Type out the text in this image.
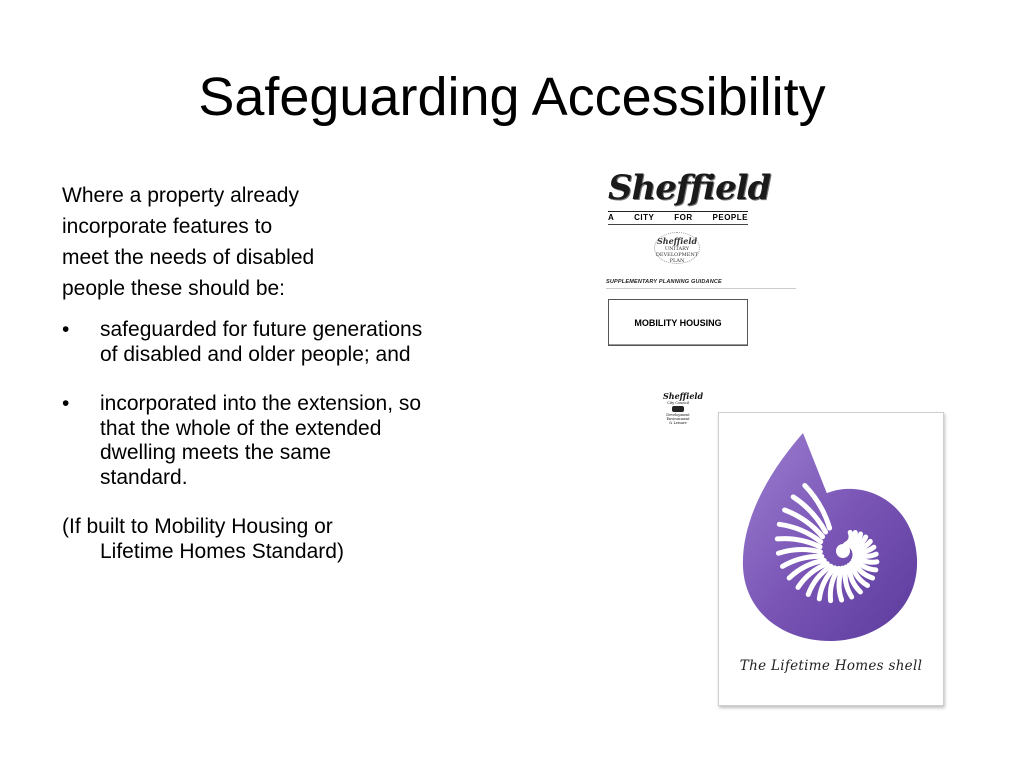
Safeguarding Accessibility
Where a property already
incorporate features to
meet the needs of disabled
people these should be:
• safeguarded for future generations
of disabled and older people; and
• incorporated into the extension, so
that the whole of the extended
dwelling meets the same
standard.
(If built to Mobility Housing or
Lifetime Homes Standard)
Sheffield
A CITY FOR PEOPLE
Sheffield
UNITARY
DEVELOPMENT
PLAN
SUPPLEMENTARY PLANNING GUIDANCE
MOBILITY HOUSING
Sheffield
City Council
Development
Environment
& Leisure
The Lifetime Homes shell
